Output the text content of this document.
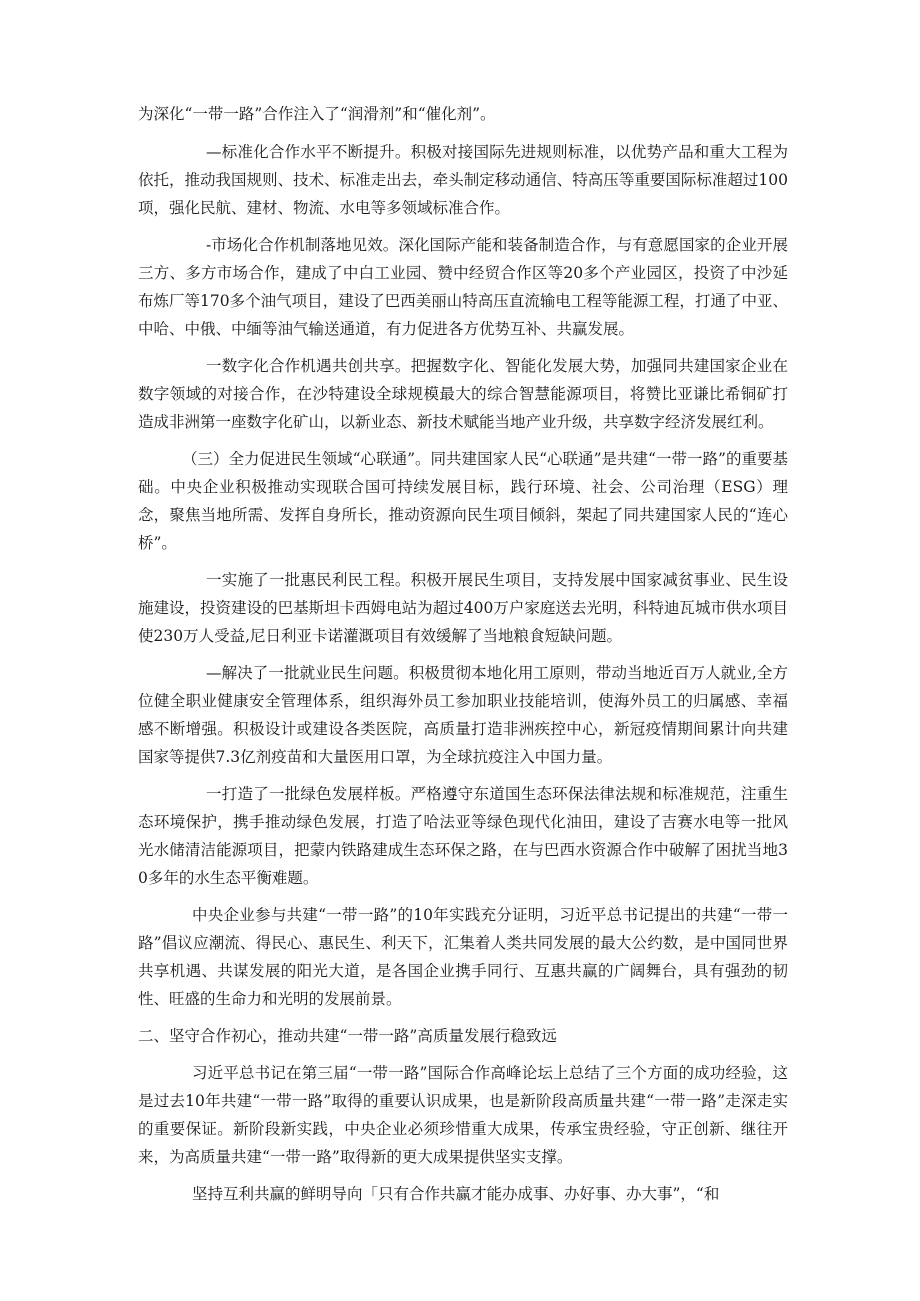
为深化“一带一路”合作注入了“润滑剂”和“催化剂”。

—标准化合作水平不断提升。积极对接国际先进规则标准，以优势产品和重大工程为依托，推动我国规则、技术、标准走出去，牵头制定移动通信、特高压等重要国际标准超过100项，强化民航、建材、物流、水电等多领域标准合作。

-市场化合作机制落地见效。深化国际产能和装备制造合作，与有意愿国家的企业开展三方、多方市场合作，建成了中白工业园、赞中经贸合作区等20多个产业园区，投资了中沙延布炼厂等170多个油气项目，建设了巴西美丽山特高压直流输电工程等能源工程，打通了中亚、中哈、中俄、中缅等油气输送通道，有力促进各方优势互补、共赢发展。

一数字化合作机遇共创共享。把握数字化、智能化发展大势，加强同共建国家企业在数字领域的对接合作，在沙特建设全球规模最大的综合智慧能源项目，将赞比亚谦比希铜矿打造成非洲第一座数字化矿山，以新业态、新技术赋能当地产业升级，共享数字经济发展红利。

（三）全力促进民生领域“心联通”。同共建国家人民“心联通”是共建“一带一路”的重要基础。中央企业积极推动实现联合国可持续发展目标，践行环境、社会、公司治理（ESG）理念，聚焦当地所需、发挥自身所长，推动资源向民生项目倾斜，架起了同共建国家人民的“连心桥”。

一实施了一批惠民利民工程。积极开展民生项目，支持发展中国家减贫事业、民生设施建设，投资建设的巴基斯坦卡西姆电站为超过400万户家庭送去光明，科特迪瓦城市供水项目使230万人受益,尼日利亚卡诺灌溉项目有效缓解了当地粮食短缺问题。

—解决了一批就业民生问题。积极贯彻本地化用工原则，带动当地近百万人就业,全方位健全职业健康安全管理体系，组织海外员工参加职业技能培训，使海外员工的归属感、幸福感不断增强。积极设计或建设各类医院，高质量打造非洲疾控中心，新冠疫情期间累计向共建国家等提供7.3亿剂疫苗和大量医用口罩，为全球抗疫注入中国力量。

一打造了一批绿色发展样板。严格遵守东道国生态环保法律法规和标准规范，注重生态环境保护，携手推动绿色发展，打造了哈法亚等绿色现代化油田，建设了吉赛水电等一批风光水储清洁能源项目，把蒙内铁路建成生态环保之路，在与巴西水资源合作中破解了困扰当地30多年的水生态平衡难题。

中央企业参与共建“一带一路”的10年实践充分证明，习近平总书记提出的共建“一带一路”倡议应潮流、得民心、惠民生、利天下，汇集着人类共同发展的最大公约数，是中国同世界共享机遇、共谋发展的阳光大道，是各国企业携手同行、互惠共赢的广阔舞台，具有强劲的韧性、旺盛的生命力和光明的发展前景。

二、坚守合作初心，推动共建“一带一路”高质量发展行稳致远

习近平总书记在第三届“一带一路”国际合作高峰论坛上总结了三个方面的成功经验，这是过去10年共建“一带一路”取得的重要认识成果，也是新阶段高质量共建“一带一路”走深走实的重要保证。新阶段新实践，中央企业必须珍惜重大成果，传承宝贵经验，守正创新、继往开来，为高质量共建“一带一路”取得新的更大成果提供坚实支撑。

坚持互利共赢的鲜明导向「只有合作共赢才能办成事、办好事、办大事”，“和
